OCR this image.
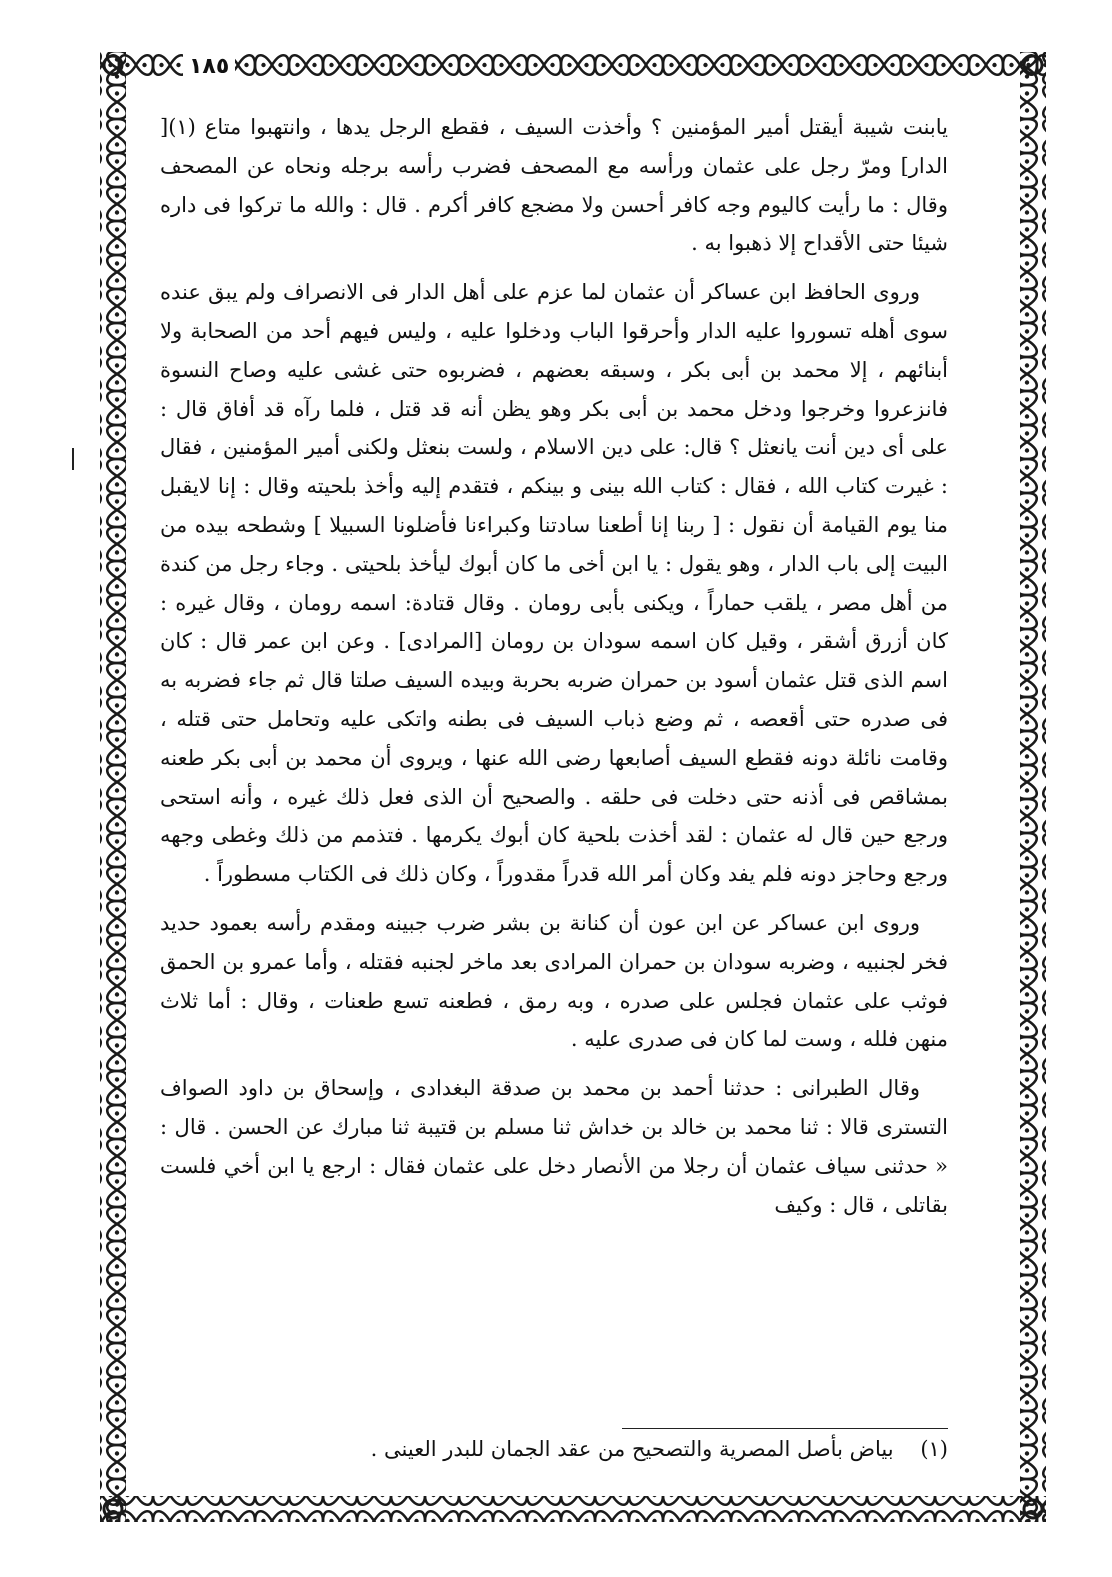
١٨٥

يابنت شيبة أيقتل أمير المؤمنين ؟ وأخذت السيف ، فقطع الرجل يدها ، وانتهبوا متاع (١)[ الدار] ومرّ رجل على عثمان ورأسه مع المصحف فضرب رأسه برجله ونحاه عن المصحف وقال : ما رأيت كاليوم وجه كافر أحسن ولا مضجع كافر أكرم . قال : والله ما تركوا فى داره شيئا حتى الأقداح إلا ذهبوا به .

وروى الحافظ ابن عساكر أن عثمان لما عزم على أهل الدار فى الانصراف ولم يبق عنده سوى أهله تسوروا عليه الدار وأحرقوا الباب ودخلوا عليه ، وليس فيهم أحد من الصحابة ولا أبنائهم ، إلا محمد بن أبى بكر ، وسبقه بعضهم ، فضربوه حتى غشى عليه وصاح النسوة فانزعروا وخرجوا ودخل محمد بن أبى بكر وهو يظن أنه قد قتل ، فلما رآه قد أفاق قال : على أى دين أنت يانعثل ؟ قال: على دين الاسلام ، ولست بنعثل ولكنى أمير المؤمنين ، فقال : غيرت كتاب الله ، فقال : كتاب الله بينى و بينكم ، فتقدم إليه وأخذ بلحيته وقال : إنا لايقبل منا يوم القيامة أن نقول : [ ربنا إنا أطعنا سادتنا وكبراءنا فأضلونا السبيلا ] وشطحه بيده من البيت إلى باب الدار ، وهو يقول : يا ابن أخى ما كان أبوك ليأخذ بلحيتى . وجاء رجل من كندة من أهل مصر ، يلقب حماراً ، ويكنى بأبى رومان . وقال قتادة: اسمه رومان ، وقال غيره : كان أزرق أشقر ، وقيل كان اسمه سودان بن رومان [المرادى] . وعن ابن عمر قال : كان اسم الذى قتل عثمان أسود بن حمران ضربه بحربة وبيده السيف صلتا قال ثم جاء فضربه به فى صدره حتى أقعصه ، ثم وضع ذباب السيف فى بطنه واتكى عليه وتحامل حتى قتله ، وقامت نائلة دونه فقطع السيف أصابعها رضى الله عنها ، ويروى أن محمد بن أبى بكر طعنه بمشاقص فى أذنه حتى دخلت فى حلقه . والصحيح أن الذى فعل ذلك غيره ، وأنه استحى ورجع حين قال له عثمان : لقد أخذت بلحية كان أبوك يكرمها . فتذمم من ذلك وغطى وجهه ورجع وحاجز دونه فلم يفد وكان أمر الله قدراً مقدوراً ، وكان ذلك فى الكتاب مسطوراً .

وروى ابن عساكر عن ابن عون أن كنانة بن بشر ضرب جبينه ومقدم رأسه بعمود حديد فخر لجنبيه ، وضربه سودان بن حمران المرادى بعد ماخر لجنبه فقتله ، وأما عمرو بن الحمق فوثب على عثمان فجلس على صدره ، وبه رمق ، فطعنه تسع طعنات ، وقال : أما ثلاث منهن فلله ، وست لما كان فى صدرى عليه .

وقال الطبرانى : حدثنا أحمد بن محمد بن صدقة البغدادى ، وإسحاق بن داود الصواف التسترى قالا : ثنا محمد بن خالد بن خداش ثنا مسلم بن قتيبة ثنا مبارك عن الحسن . قال : « حدثنى سياف عثمان أن رجلا من الأنصار دخل على عثمان فقال : ارجع يا ابن أخي فلست بقاتلى ، قال : وكيف

(١)    بياض بأصل المصرية والتصحيح من عقد الجمان للبدر العينى .
